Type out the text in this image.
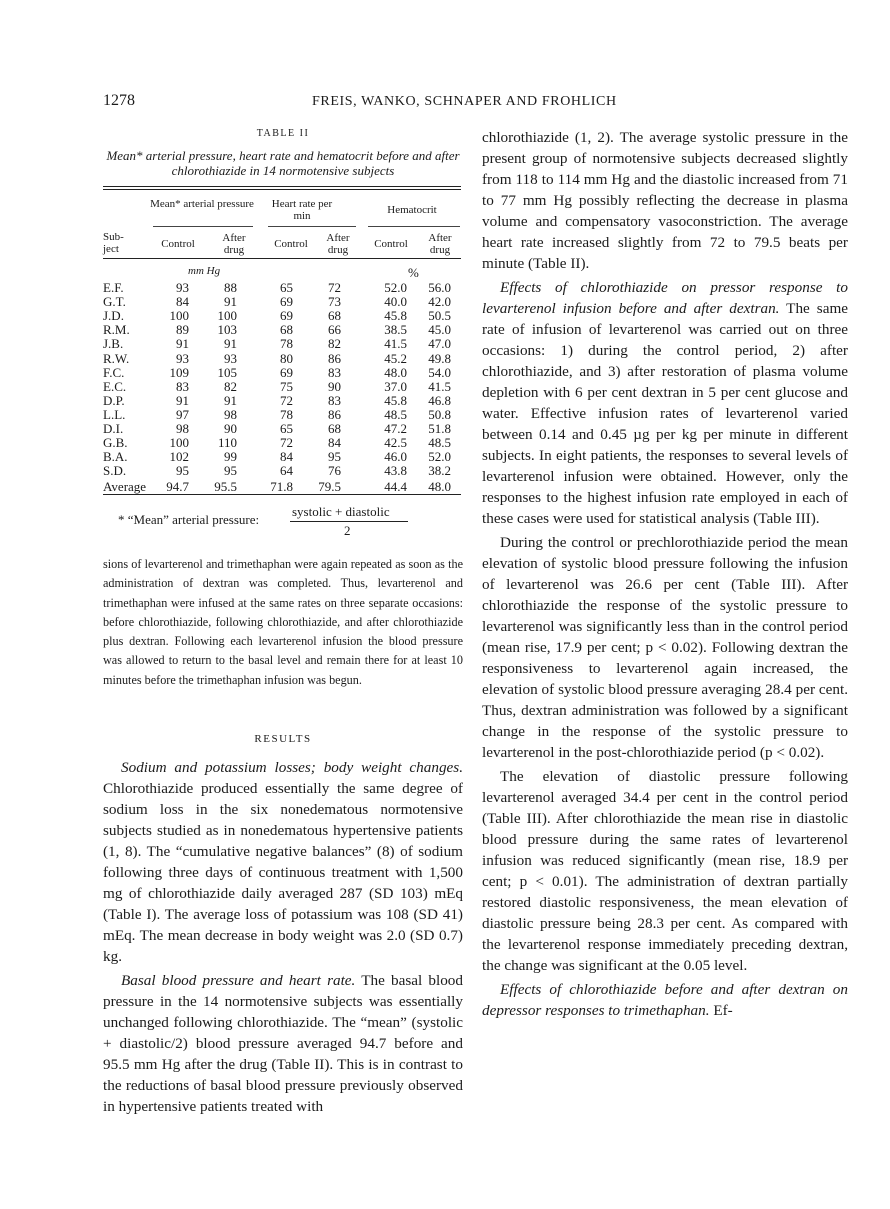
1278	FREIS, WANKO, SCHNAPER AND FROHLICH
TABLE II
Mean* arterial pressure, heart rate and hematocrit before and after chlorothiazide in 14 normotensive subjects
Mean* arterial pressure	Heart rate per min	Hematocrit
Sub- ject	Control	After drug	Control	After drug	Control	After drug
mm Hg	%
E.F.	93	88	65	72	52.0	56.0
G.T.	84	91	69	73	40.0	42.0
J.D.	100	100	69	68	45.8	50.5
R.M.	89	103	68	66	38.5	45.0
J.B.	91	91	78	82	41.5	47.0
R.W.	93	93	80	86	45.2	49.8
F.C.	109	105	69	83	48.0	54.0
E.C.	83	82	75	90	37.0	41.5
D.P.	91	91	72	83	45.8	46.8
L.L.	97	98	78	86	48.5	50.8
D.I.	98	90	65	68	47.2	51.8
G.B.	100	110	72	84	42.5	48.5
B.A.	102	99	84	95	46.0	52.0
S.D.	95	95	64	76	43.8	38.2
Average	94.7	95.5	71.8	79.5	44.4	48.0
* “Mean” arterial pressure:
systolic + diastolic
2
sions of levarterenol and trimethaphan were again repeated as soon as the administration of dextran was completed. Thus, levarterenol and trimethaphan were infused at the same rates on three separate occasions: before chlorothiazide, following chlorothiazide, and after chlorothiazide plus dextran. Following each levarterenol infusion the blood pressure was allowed to return to the basal level and remain there for at least 10 minutes before the trimethaphan infusion was begun.
RESULTS

Sodium and potassium losses; body weight changes. Chlorothiazide produced essentially the same degree of sodium loss in the six nonedematous normotensive subjects studied as in nonedematous hypertensive patients (1, 8). The “cumulative negative balances” (8) of sodium following three days of continuous treatment with 1,500 mg of chlorothiazide daily averaged 287 (SD 103) mEq (Table I). The average loss of potassium was 108 (SD 41) mEq. The mean decrease in body weight was 2.0 (SD 0.7) kg.

Basal blood pressure and heart rate. The basal blood pressure in the 14 normotensive subjects was essentially unchanged following chlorothiazide. The “mean” (systolic + diastolic/2) blood pressure averaged 94.7 before and 95.5 mm Hg after the drug (Table II). This is in contrast to the reductions of basal blood pressure previously observed in hypertensive patients treated with

chlorothiazide (1, 2). The average systolic pressure in the present group of normotensive subjects decreased slightly from 118 to 114 mm Hg and the diastolic increased from 71 to 77 mm Hg possibly reflecting the decrease in plasma volume and compensatory vasoconstriction. The average heart rate increased slightly from 72 to 79.5 beats per minute (Table II).

Effects of chlorothiazide on pressor response to levarterenol infusion before and after dextran. The same rate of infusion of levarterenol was carried out on three occasions: 1) during the control period, 2) after chlorothiazide, and 3) after restoration of plasma volume depletion with 6 per cent dextran in 5 per cent glucose and water. Effective infusion rates of levarterenol varied between 0.14 and 0.45 µg per kg per minute in different subjects. In eight patients, the responses to several levels of levarterenol infusion were obtained. However, only the responses to the highest infusion rate employed in each of these cases were used for statistical analysis (Table III).

During the control or prechlorothiazide period the mean elevation of systolic blood pressure following the infusion of levarterenol was 26.6 per cent (Table III). After chlorothiazide the response of the systolic pressure to levarterenol was significantly less than in the control period (mean rise, 17.9 per cent; p < 0.02). Following dextran the responsiveness to levarterenol again increased, the elevation of systolic blood pressure averaging 28.4 per cent. Thus, dextran administration was followed by a significant change in the response of the systolic pressure to levarterenol in the post-chlorothiazide period (p < 0.02).

The elevation of diastolic pressure following levarterenol averaged 34.4 per cent in the control period (Table III). After chlorothiazide the mean rise in diastolic blood pressure during the same rates of levarterenol infusion was reduced significantly (mean rise, 18.9 per cent; p < 0.01). The administration of dextran partially restored diastolic responsiveness, the mean elevation of diastolic pressure being 28.3 per cent. As compared with the levarterenol response immediately preceding dextran, the change was significant at the 0.05 level.

Effects of chlorothiazide before and after dextran on depressor responses to trimethaphan. Ef-
